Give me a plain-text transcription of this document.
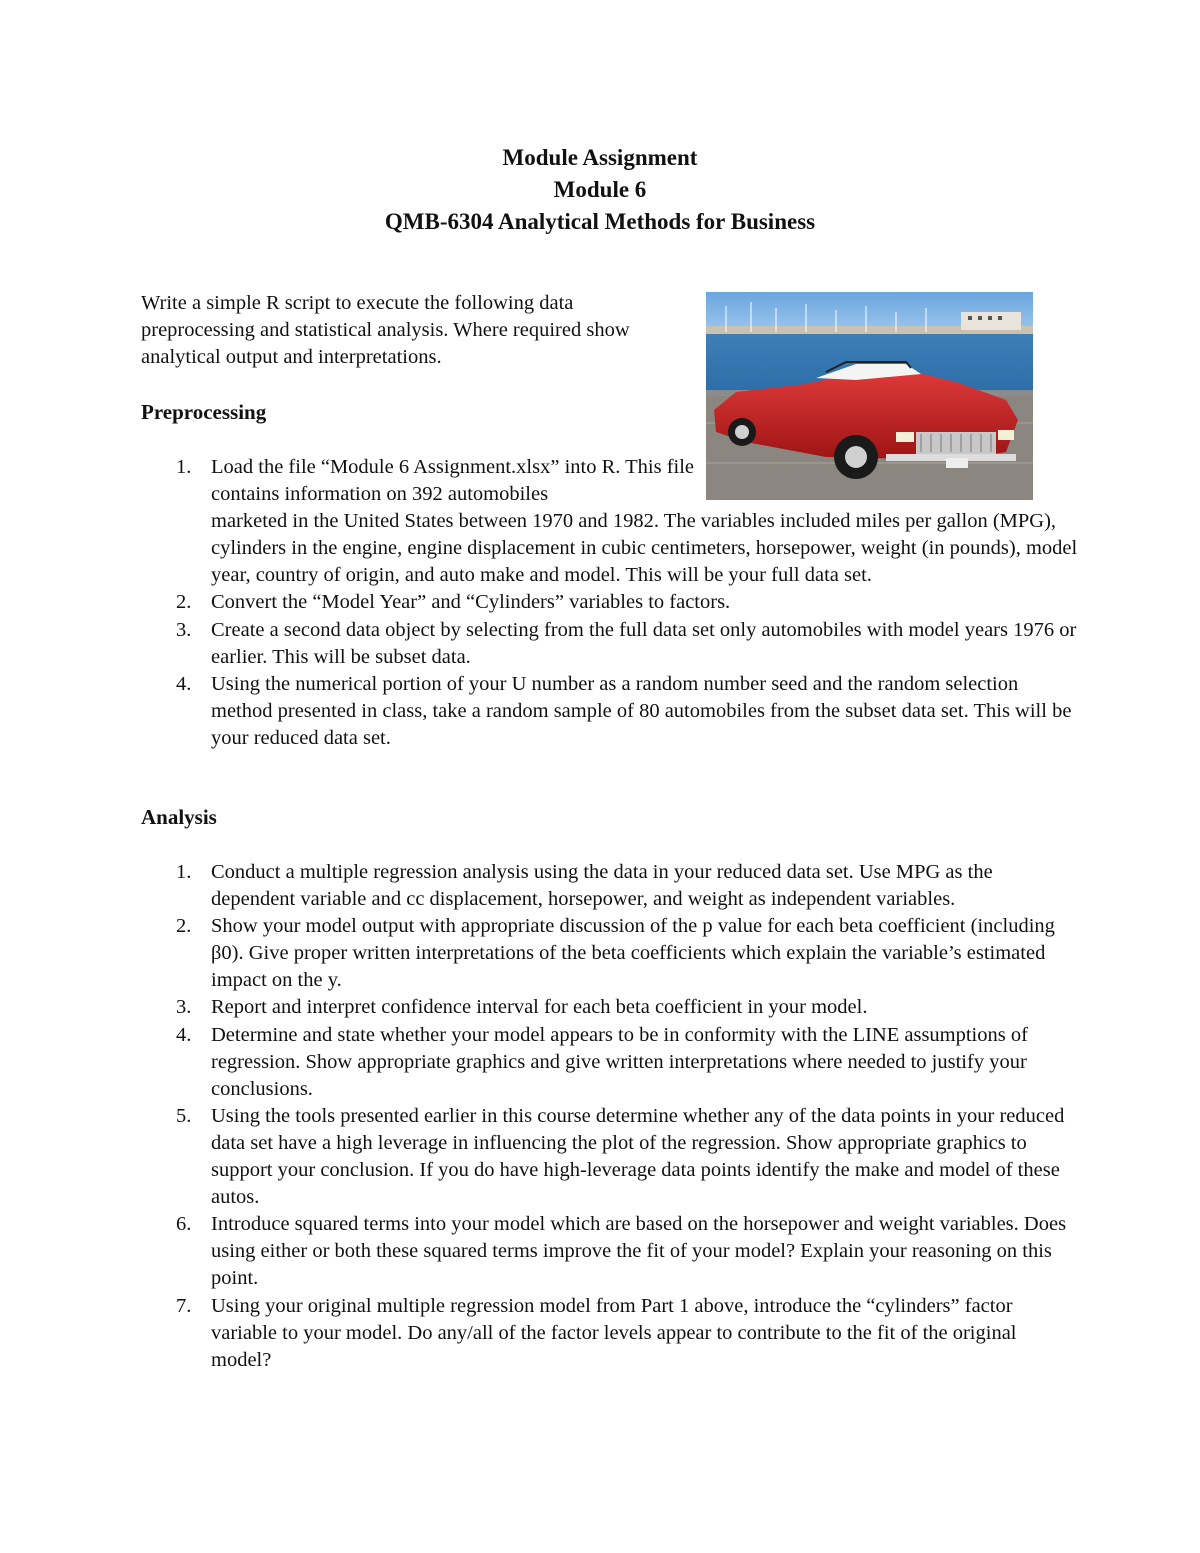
Module Assignment
Module 6
QMB-6304 Analytical Methods for Business
Write a simple R script to execute the following data preprocessing and statistical analysis. Where required show analytical output and interpretations.
Preprocessing
1. Load the file “Module 6 Assignment.xlsx” into R. This file contains information on 392 automobiles
marketed in the United States between 1970 and 1982. The variables included miles per gallon (MPG), cylinders in the engine, engine displacement in cubic centimeters, horsepower, weight (in pounds), model year, country of origin, and auto make and model. This will be your full data set.
2. Convert the “Model Year” and “Cylinders” variables to factors.
3. Create a second data object by selecting from the full data set only automobiles with model years 1976 or earlier. This will be subset data.
4. Using the numerical portion of your U number as a random number seed and the random selection method presented in class, take a random sample of 80 automobiles from the subset data set. This will be your reduced data set.
Analysis
1. Conduct a multiple regression analysis using the data in your reduced data set. Use MPG as the dependent variable and cc displacement, horsepower, and weight as independent variables.
2. Show your model output with appropriate discussion of the p value for each beta coefficient (including β0). Give proper written interpretations of the beta coefficients which explain the variable’s estimated impact on the y.
3. Report and interpret confidence interval for each beta coefficient in your model.
4. Determine and state whether your model appears to be in conformity with the LINE assumptions of regression. Show appropriate graphics and give written interpretations where needed to justify your conclusions.
5. Using the tools presented earlier in this course determine whether any of the data points in your reduced data set have a high leverage in influencing the plot of the regression. Show appropriate graphics to support your conclusion. If you do have high-leverage data points identify the make and model of these autos.
6. Introduce squared terms into your model which are based on the horsepower and weight variables. Does using either or both these squared terms improve the fit of your model? Explain your reasoning on this point.
7. Using your original multiple regression model from Part 1 above, introduce the “cylinders” factor variable to your model. Do any/all of the factor levels appear to contribute to the fit of the original model?
